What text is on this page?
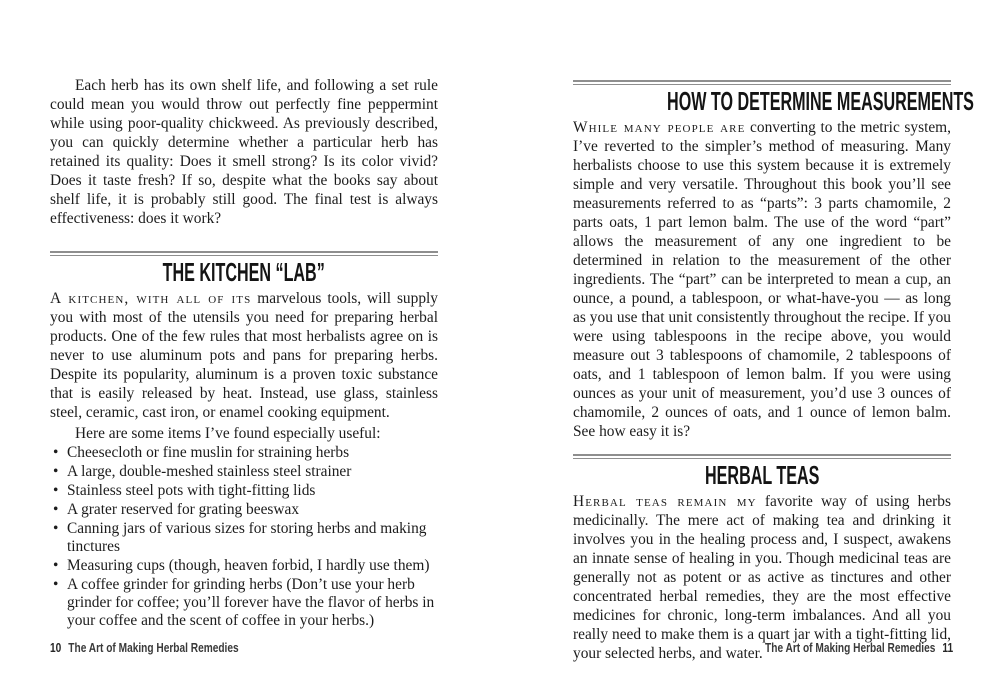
Each herb has its own shelf life, and following a set rule could mean you would throw out perfectly fine peppermint while using poor-quality chickweed. As previously described, you can quickly determine whether a particular herb has retained its quality: Does it smell strong? Is its color vivid? Does it taste fresh? If so, despite what the books say about shelf life, it is probably still good. The final test is always effectiveness: does it work?

THE KITCHEN “LAB”

A kitchen, with all of its marvelous tools, will supply you with most of the utensils you need for preparing herbal products. One of the few rules that most herbalists agree on is never to use aluminum pots and pans for preparing herbs. Despite its popularity, aluminum is a proven toxic substance that is easily released by heat. Instead, use glass, stainless steel, ceramic, cast iron, or enamel cooking equipment.

Here are some items I’ve found especially useful:

• Cheesecloth or fine muslin for straining herbs
• A large, double-meshed stainless steel strainer
• Stainless steel pots with tight-fitting lids
• A grater reserved for grating beeswax
• Canning jars of various sizes for storing herbs and making tinctures
• Measuring cups (though, heaven forbid, I hardly use them)
• A coffee grinder for grinding herbs (Don’t use your herb grinder for coffee; you’ll forever have the flavor of herbs in your coffee and the scent of coffee in your herbs.)
HOW TO DETERMINE MEASUREMENTS

While many people are converting to the metric system, I’ve reverted to the simpler’s method of measuring. Many herbalists choose to use this system because it is extremely simple and very versatile. Throughout this book you’ll see measurements referred to as “parts”: 3 parts chamomile, 2 parts oats, 1 part lemon balm. The use of the word “part” allows the measurement of any one ingredient to be determined in relation to the measurement of the other ingredients. The “part” can be interpreted to mean a cup, an ounce, a pound, a tablespoon, or what-have-you — as long as you use that unit consistently throughout the recipe. If you were using tablespoons in the recipe above, you would measure out 3 tablespoons of chamomile, 2 tablespoons of oats, and 1 tablespoon of lemon balm. If you were using ounces as your unit of measurement, you’d use 3 ounces of chamomile, 2 ounces of oats, and 1 ounce of lemon balm. See how easy it is?

HERBAL TEAS

Herbal teas remain my favorite way of using herbs medicinally. The mere act of making tea and drinking it involves you in the healing process and, I suspect, awakens an innate sense of healing in you. Though medicinal teas are generally not as potent or as active as tinctures and other concentrated herbal remedies, they are the most effective medicines for chronic, long-term imbalances. And all you really need to make them is a quart jar with a tight-fitting lid, your selected herbs, and water.

10 The Art of Making Herbal Remedies	The Art of Making Herbal Remedies 11
